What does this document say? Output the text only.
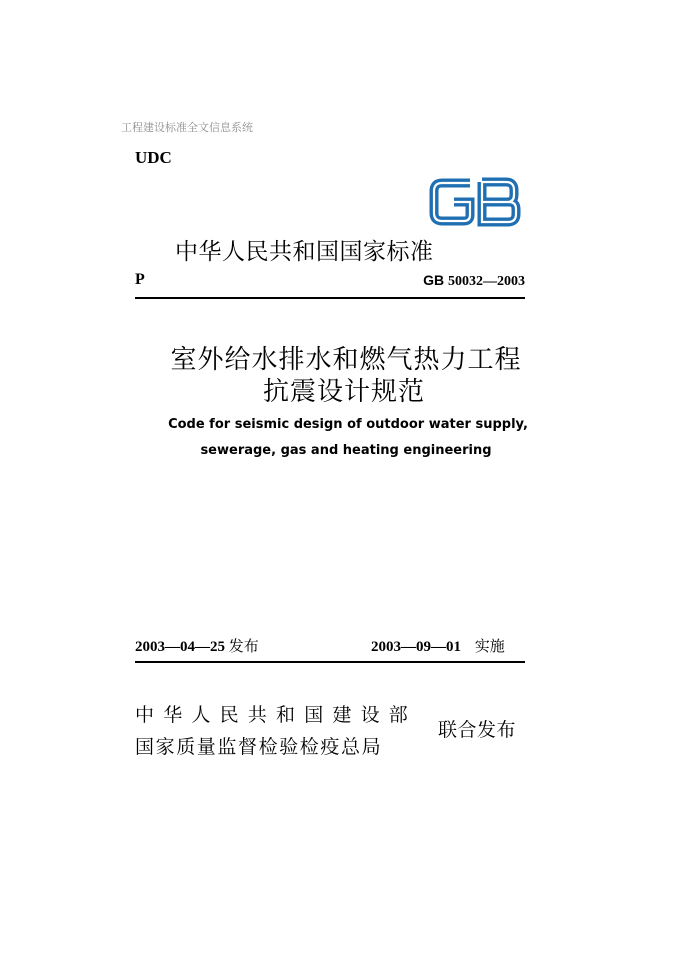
工程建设标准全文信息系统
UDC
中华人民共和国国家标准
P	GB 50032—2003
室外给水排水和燃气热力工程
抗震设计规范
Code for seismic design of outdoor water supply,
sewerage, gas and heating engineering
2003—04—25 发布	2003—09—01 实施
中华人民共和国建设部
国家质量监督检验检疫总局
联合发布
